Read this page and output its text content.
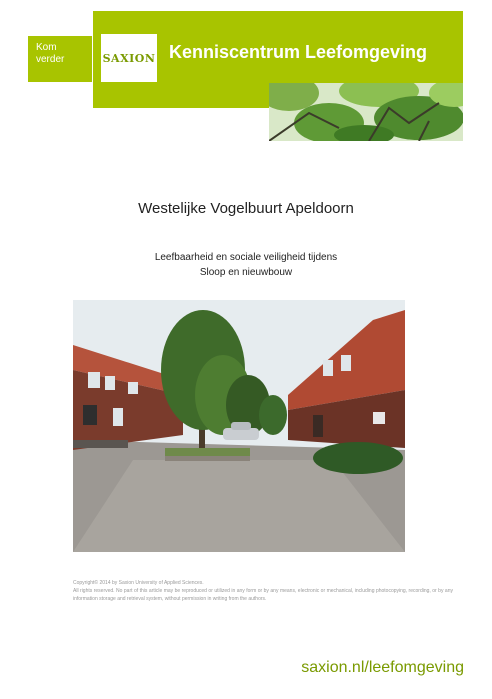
Kom
verder	SAXION Kenniscentrum Leefomgeving
Westelijke Vogelbuurt Apeldoorn
Leefbaarheid en sociale veiligheid tijdens
Sloop en nieuwbouw
Copyright© 2014 by Saxion University of Applied Sciences.
All rights reserved. No part of this article may be reproduced or utilized in any form or by any means, electronic or mechanical, including photocopying, recording, or by any information storage and retrieval system, without permission in writing from the authors.
saxion.nl/leefomgeving
